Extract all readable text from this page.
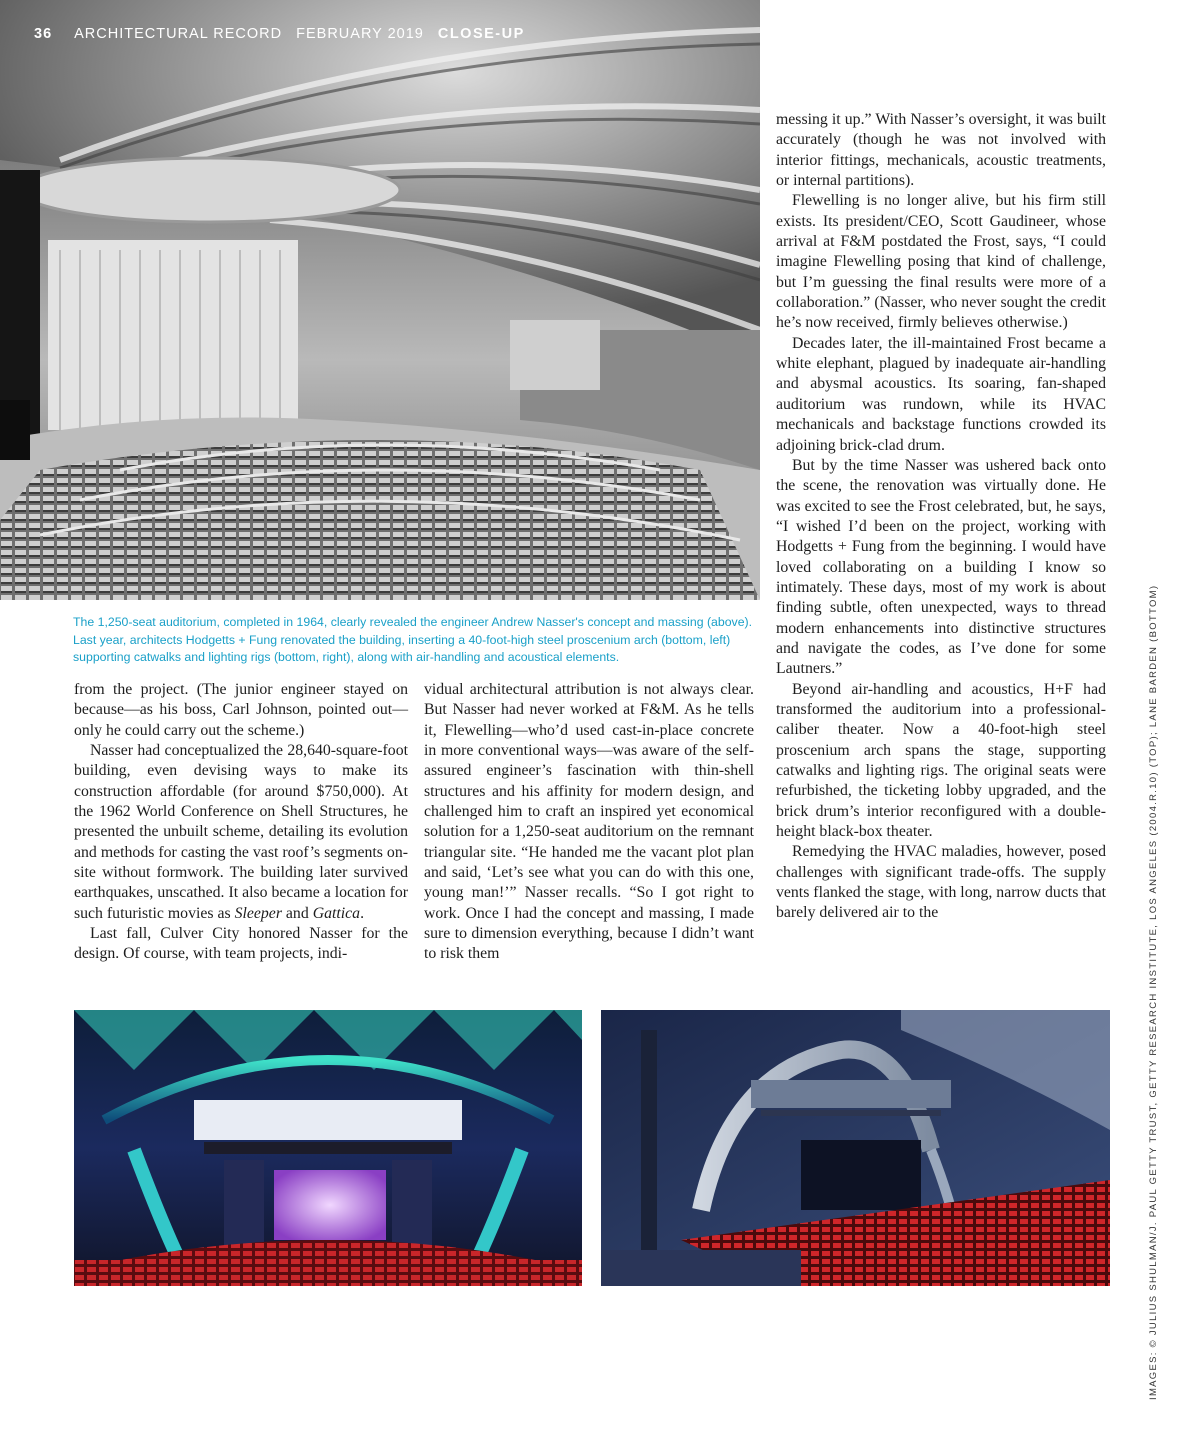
36 ARCHITECTURAL RECORD FEBRUARY 2019 CLOSE-UP

The 1,250-seat auditorium, completed in 1964, clearly revealed the engineer Andrew Nasser's concept and massing (above). Last year, architects Hodgetts + Fung renovated the building, inserting a 40-foot-high steel proscenium arch (bottom, left) supporting catwalks and lighting rigs (bottom, right), along with air-handling and acoustical elements.

from the project. (The junior engineer stayed on because—as his boss, Carl Johnson, pointed out—only he could carry out the scheme.)

Nasser had conceptualized the 28,640-square-foot building, even devising ways to make its construction affordable (for around $750,000). At the 1962 World Conference on Shell Structures, he presented the unbuilt scheme, detailing its evolution and methods for casting the vast roof’s segments on-site without formwork. The building later survived earthquakes, unscathed. It also became a location for such futuristic movies as Sleeper and Gattica.

Last fall, Culver City honored Nasser for the design. Of course, with team projects, indi-

vidual architectural attribution is not always clear. But Nasser had never worked at F&M. As he tells it, Flewelling—who’d used cast-in-place concrete in more conventional ways—was aware of the self-assured engineer’s fascination with thin-shell structures and his affinity for modern design, and challenged him to craft an inspired yet economical solution for a 1,250-seat auditorium on the remnant triangular site. “He handed me the vacant plot plan and said, ‘Let’s see what you can do with this one, young man!’” Nasser recalls. “So I got right to work. Once I had the concept and massing, I made sure to dimension everything, because I didn’t want to risk them

messing it up.” With Nasser’s oversight, it was built accurately (though he was not involved with interior fittings, mechanicals, acoustic treatments, or internal partitions).

Flewelling is no longer alive, but his firm still exists. Its president/CEO, Scott Gaudineer, whose arrival at F&M postdated the Frost, says, “I could imagine Flewelling posing that kind of challenge, but I’m guessing the final results were more of a collaboration.” (Nasser, who never sought the credit he’s now received, firmly believes otherwise.)

Decades later, the ill-maintained Frost became a white elephant, plagued by inadequate air-handling and abysmal acoustics. Its soaring, fan-shaped auditorium was rundown, while its HVAC mechanicals and backstage functions crowded its adjoining brick-clad drum.

But by the time Nasser was ushered back onto the scene, the renovation was virtually done. He was excited to see the Frost celebrated, but, he says, “I wished I’d been on the project, working with Hodgetts + Fung from the beginning. I would have loved collaborating on a building I know so intimately. These days, most of my work is about finding subtle, often unexpected, ways to thread modern enhancements into distinctive structures and navigate the codes, as I’ve done for some Lautners.”

Beyond air-handling and acoustics, H+F had transformed the auditorium into a professional-caliber theater. Now a 40-foot-high steel proscenium arch spans the stage, supporting catwalks and lighting rigs. The original seats were refurbished, the ticketing lobby upgraded, and the brick drum’s interior reconfigured with a double-height black-box theater.

Remedying the HVAC maladies, however, posed challenges with significant trade-offs. The supply vents flanked the stage, with long, narrow ducts that barely delivered air to the	IMAGES: © JULIUS SHULMAN/J. PAUL GETTY TRUST, GETTY RESEARCH INSTITUTE, LOS ANGELES (2004.R.10) (TOP); LANE BARDEN (BOTTOM)
